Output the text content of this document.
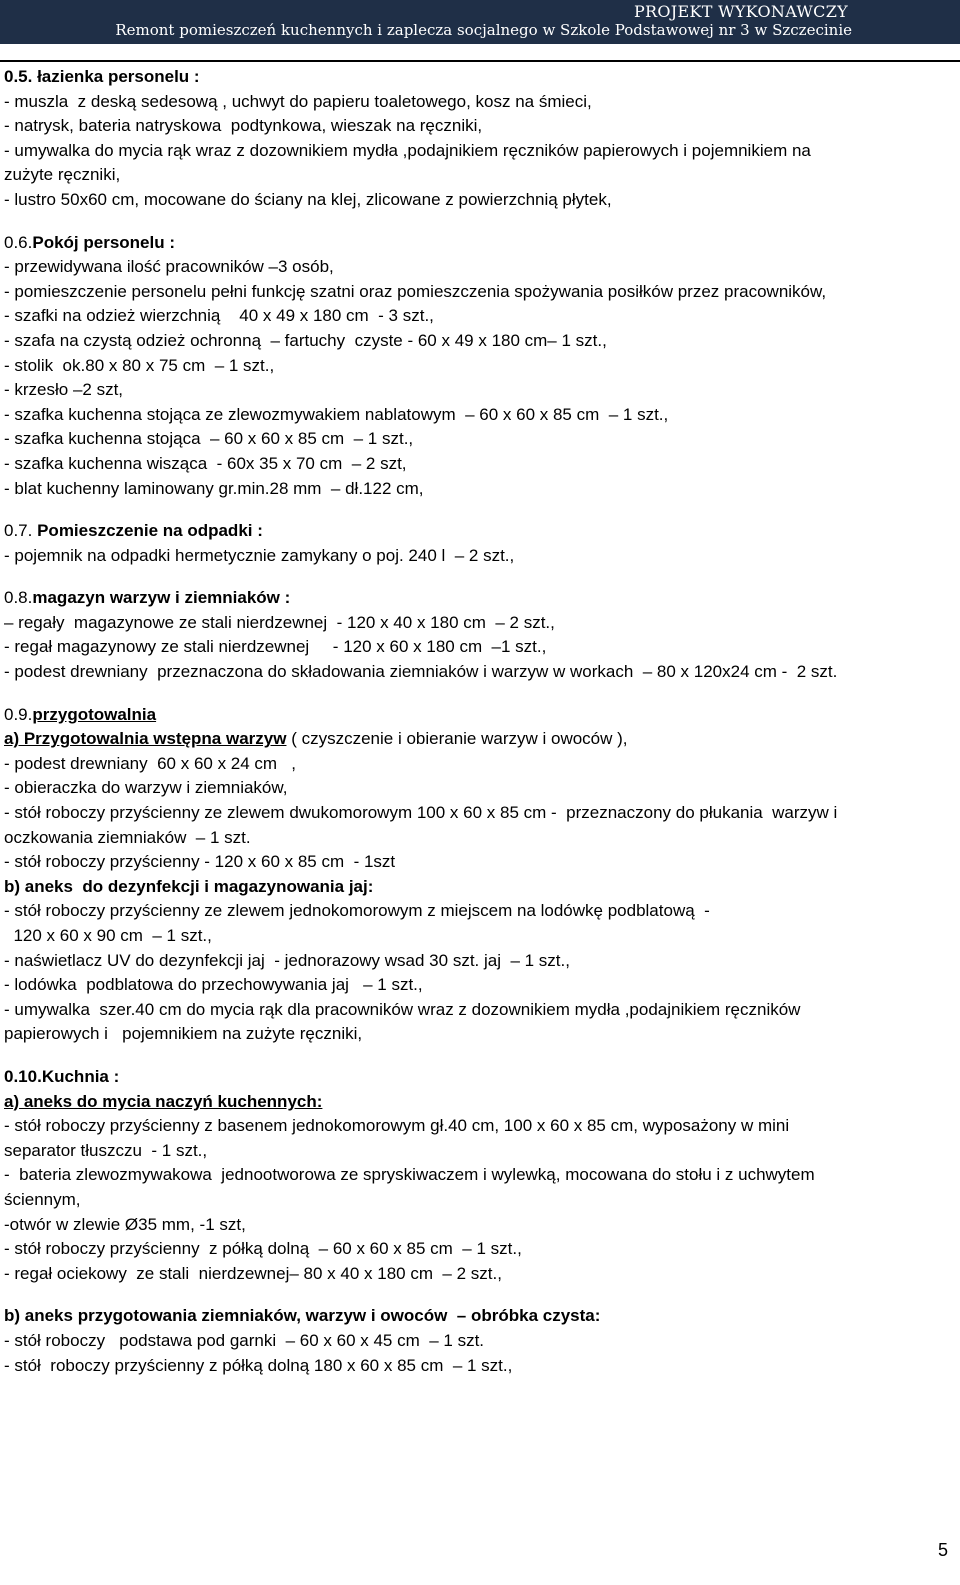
PROJEKT WYKONAWCZY
Remont pomieszczeń kuchennych i zaplecza socjalnego w Szkole Podstawowej nr 3 w Szczecinie
0.5. łazienka personelu :
- muszla  z deską sedesową , uchwyt do papieru toaletowego, kosz na śmieci,
- natrysk, bateria natryskowa  podtynkowa, wieszak na ręczniki,
- umywalka do mycia rąk wraz z dozownikiem mydła ,podajnikiem ręczników papierowych i pojemnikiem na
zużyte ręczniki,
- lustro 50x60 cm, mocowane do ściany na klej, zlicowane z powierzchnią płytek,
0.6.Pokój personelu :
- przewidywana ilość pracowników –3 osób,
- pomieszczenie personelu pełni funkcję szatni oraz pomieszczenia spożywania posiłków przez pracowników,
- szafki na odzież wierzchnią    40 x 49 x 180 cm  - 3 szt.,
- szafa na czystą odzież ochronną  – fartuchy  czyste - 60 x 49 x 180 cm– 1 szt.,
- stolik  ok.80 x 80 x 75 cm  – 1 szt.,
- krzesło –2 szt,
- szafka kuchenna stojąca ze zlewozmywakiem nablatowym  – 60 x 60 x 85 cm  – 1 szt.,
- szafka kuchenna stojąca  – 60 x 60 x 85 cm  – 1 szt.,
- szafka kuchenna wisząca  - 60x 35 x 70 cm  – 2 szt,
- blat kuchenny laminowany gr.min.28 mm  – dł.122 cm,
0.7. Pomieszczenie na odpadki :
- pojemnik na odpadki hermetycznie zamykany o poj. 240 l  – 2 szt.,
0.8.magazyn warzyw i ziemniaków :
– regały  magazynowe ze stali nierdzewnej  - 120 x 40 x 180 cm  – 2 szt.,
- regał magazynowy ze stali nierdzewnej     - 120 x 60 x 180 cm  –1 szt.,
- podest drewniany  przeznaczona do składowania ziemniaków i warzyw w workach  – 80 x 120x24 cm -  2 szt.
0.9.przygotowalnia
a) Przygotowalnia wstępna warzyw ( czyszczenie i obieranie warzyw i owoców ),
- podest drewniany  60 x 60 x 24 cm   ,
- obieraczka do warzyw i ziemniaków,
- stół roboczy przyścienny ze zlewem dwukomorowym 100 x 60 x 85 cm -  przeznaczony do płukania  warzyw i
oczkowania ziemniaków  – 1 szt.
- stół roboczy przyścienny - 120 x 60 x 85 cm  - 1szt
b) aneks  do dezynfekcji i magazynowania jaj:
- stół roboczy przyścienny ze zlewem jednokomorowym z miejscem na lodówkę podblatową  -
120 x 60 x 90 cm  – 1 szt.,
- naświetlacz UV do dezynfekcji jaj  - jednorazowy wsad 30 szt. jaj  – 1 szt.,
- lodówka  podblatowa do przechowywania jaj   – 1 szt.,
- umywalka  szer.40 cm do mycia rąk dla pracowników wraz z dozownikiem mydła ,podajnikiem ręczników
papierowych i   pojemnikiem na zużyte ręczniki,
0.10.Kuchnia :
a) aneks do mycia naczyń kuchennych:
- stół roboczy przyścienny z basenem jednokomorowym gł.40 cm, 100 x 60 x 85 cm, wyposażony w mini
separator tłuszczu  - 1 szt.,
-  bateria zlewozmywakowa  jednootworowa ze spryskiwaczem i wylewką, mocowana do stołu i z uchwytem
ściennym,
-otwór w zlewie Ø35 mm, -1 szt,
- stół roboczy przyścienny  z półką dolną  – 60 x 60 x 85 cm  – 1 szt.,
- regał ociekowy  ze stali  nierdzewnej– 80 x 40 x 180 cm  – 2 szt.,
b) aneks przygotowania ziemniaków, warzyw i owoców  – obróbka czysta:
- stół roboczy   podstawa pod garnki  – 60 x 60 x 45 cm  – 1 szt.
- stół  roboczy przyścienny z półką dolną 180 x 60 x 85 cm  – 1 szt.,
5
